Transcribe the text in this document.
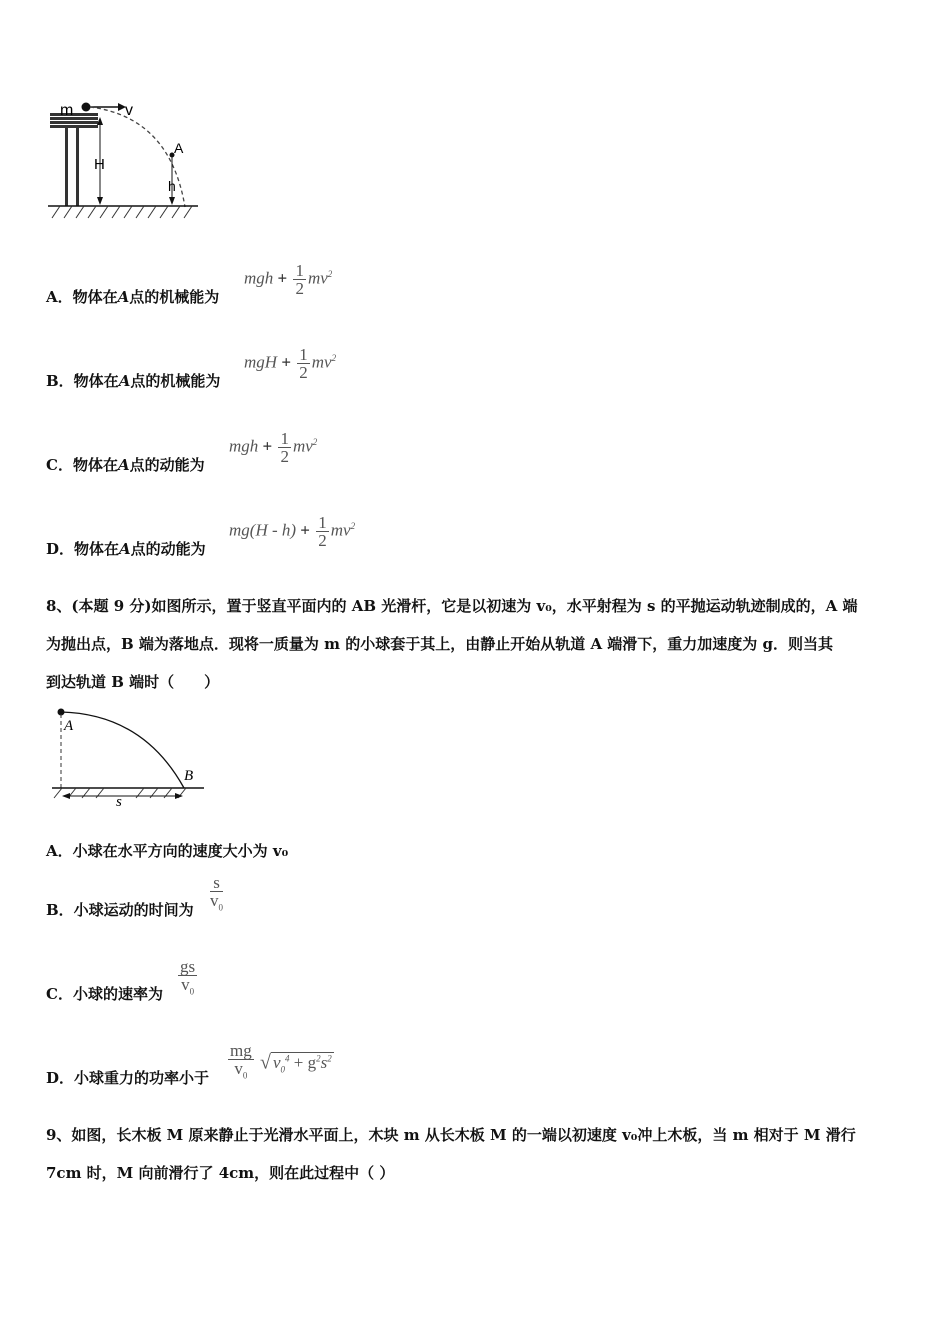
m	v
H
A
h
A．物体在A点的机械能为
mgh + $\frac{1}{2} mv^2$
B．物体在A点的机械能为
mgH + $\frac{1}{2} mv^2$
C．物体在A点的动能为
mgh + $\frac{1}{2} mv^2$
D．物体在A点的动能为
$mg(H - h) + \frac{1}{2} mv^2$
8、(本题 9 分)如图所示，置于竖直平面内的 AB 光滑杆，它是以初速为 v₀，水平射程为 s 的平抛运动轨迹制成的，A 端
为抛出点，B 端为落地点．现将一质量为 m 的小球套于其上，由静止开始从轨道 A 端滑下，重力加速度为 g．则当其
到达轨道 B 端时（　　）
A
B
s
A．小球在水平方向的速度大小为 v₀
B．小球运动的时间为 $\frac{s}{v_0}$
C．小球的速率为 $\frac{gs}{v_0}$
D．小球重力的功率小于 $\frac{mg}{v_0}$ √ $v_0^4 + g^2s^2$
9、如图，长木板 M 原来静止于光滑水平面上，木块 m 从长木板 M 的一端以初速度 v₀冲上木板，当 m 相对于 M 滑行
7cm 时，M 向前滑行了 4cm，则在此过程中（ ）
